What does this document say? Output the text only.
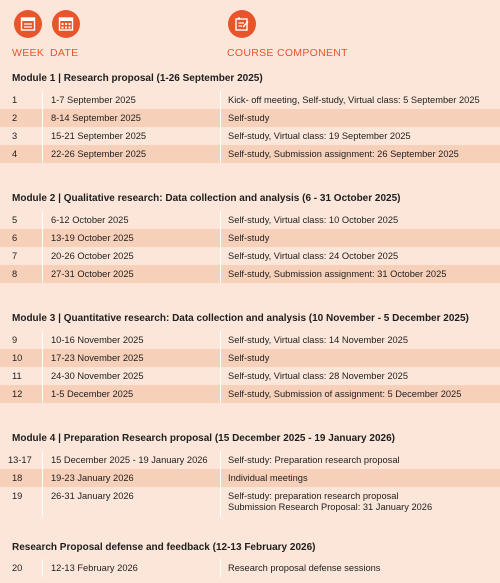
WEEK DATE	COURSE COMPONENT
Module 1 | Research proposal (1-26 September 2025)
1	1-7 September 2025	Kick- off meeting, Self-study, Virtual class: 5 September 2025
2	8-14 September 2025	Self-study
3	15-21 September 2025	Self-study, Virtual class: 19 September 2025
4	22-26 September 2025	Self-study, Submission assignment: 26 September 2025
Module 2 | Qualitative research: Data collection and analysis (6 - 31 October 2025)
5	6-12 October 2025	Self-study, Virtual class: 10 October 2025
6	13-19 October 2025	Self-study
7	20-26 October 2025	Self-study, Virtual class: 24 October 2025
8	27-31 October 2025	Self-study, Submission assignment: 31 October 2025
Module 3 | Quantitative research: Data collection and analysis (10 November - 5 December 2025)
9	10-16 November 2025	Self-study, Virtual class: 14 November 2025
10	17-23 November 2025	Self-study
11	24-30 November 2025	Self-study, Virtual class: 28 November 2025
12	1-5 December 2025	Self-study, Submission of assignment: 5 December 2025
Module 4 | Preparation Research proposal (15 December 2025 - 19 January 2026)
13-17	15 December 2025 - 19 January 2026	Self-study: Preparation research proposal
18	19-23 January 2026	Individual meetings
19	26-31 January 2026	Self-study: preparation research proposal
Submission Research Proposal: 31 January 2026
Research Proposal defense and feedback (12-13 February 2026)
20	12-13 February 2026	Research proposal defense sessions
